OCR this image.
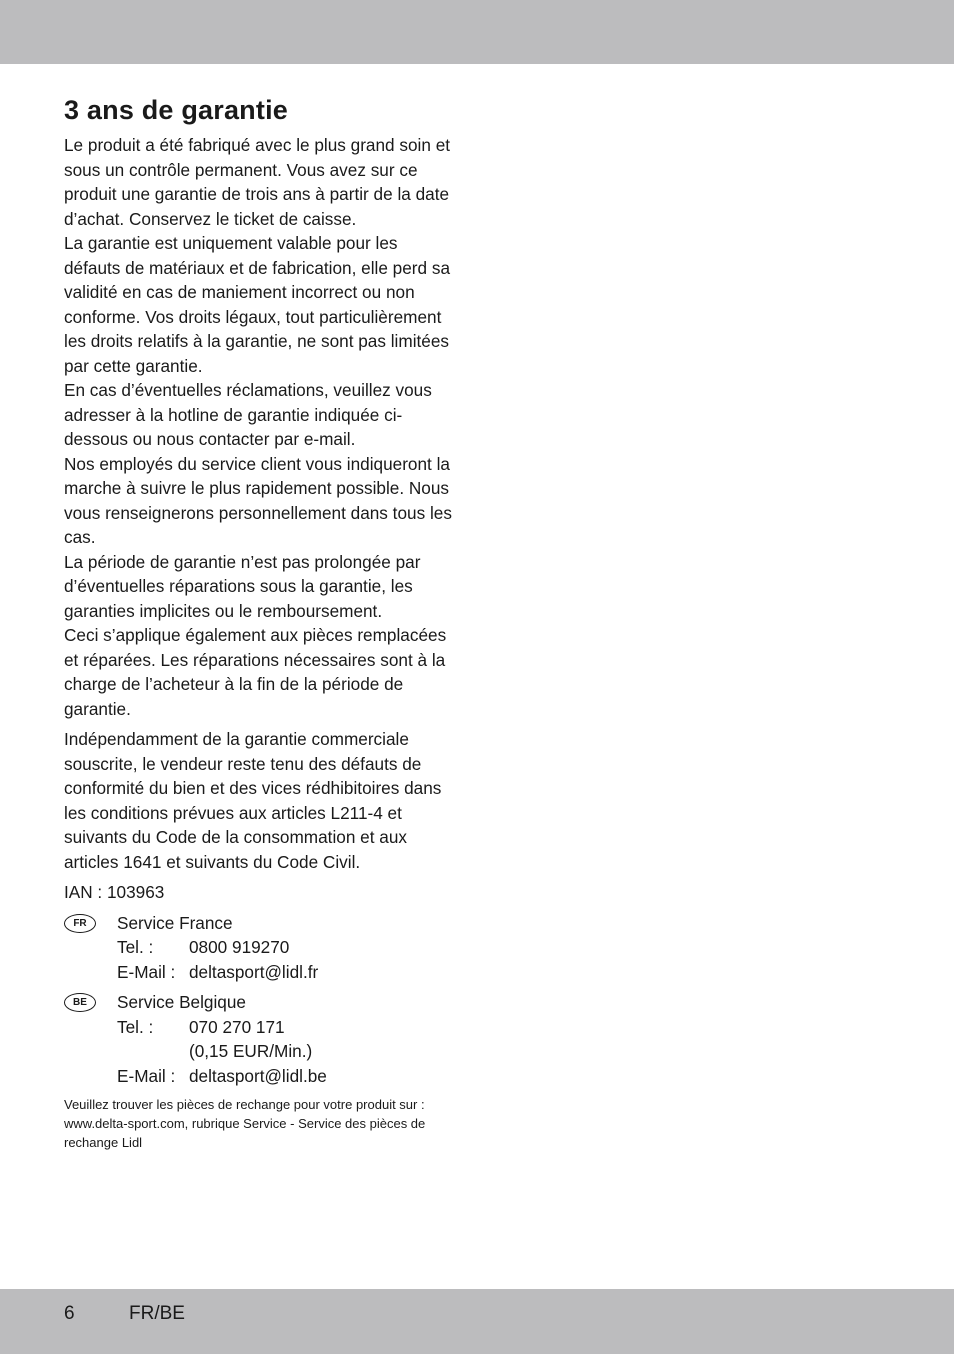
3 ans de garantie

Le produit a été fabriqué avec le plus grand soin et sous un contrôle permanent. Vous avez sur ce produit une garantie de trois ans à partir de la date d’achat. Conservez le ticket de caisse.

La garantie est uniquement valable pour les défauts de matériaux et de fabrication, elle perd sa validité en cas de maniement incorrect ou non conforme. Vos droits légaux, tout particulièrement les droits relatifs à la garantie, ne sont pas limitées par cette garantie.

En cas d’éventuelles réclamations, veuillez vous adresser à la hotline de garantie indiquée ci-dessous ou nous contacter par e-mail.

Nos employés du service client vous indiqueront la marche à suivre le plus rapidement possible. Nous vous renseignerons personnellement dans tous les cas.

La période de garantie n’est pas prolongée par d’éventuelles réparations sous la garantie, les garanties implicites ou le remboursement.

Ceci s’applique également aux pièces remplacées et réparées. Les réparations nécessaires sont à la charge de l’acheteur à la fin de la période de garantie.

Indépendamment de la garantie commerciale souscrite, le vendeur reste tenu des défauts de conformité du bien et des vices rédhibitoires dans les conditions prévues aux articles L211-4 et suivants du Code de la consommation et aux articles 1641 et suivants du Code Civil.

IAN : 103963
FR	Service France
Tel. :	0800 919270
E-Mail : deltasport@lidl.fr
BE	Service Belgique
Tel. :	070 270 171
(0,15 EUR/Min.)
E-Mail : deltasport@lidl.be
Veuillez trouver les pièces de rechange pour votre produit sur : www.delta-sport.com, rubrique Service - Service des pièces de rechange Lidl
6	FR/BE
